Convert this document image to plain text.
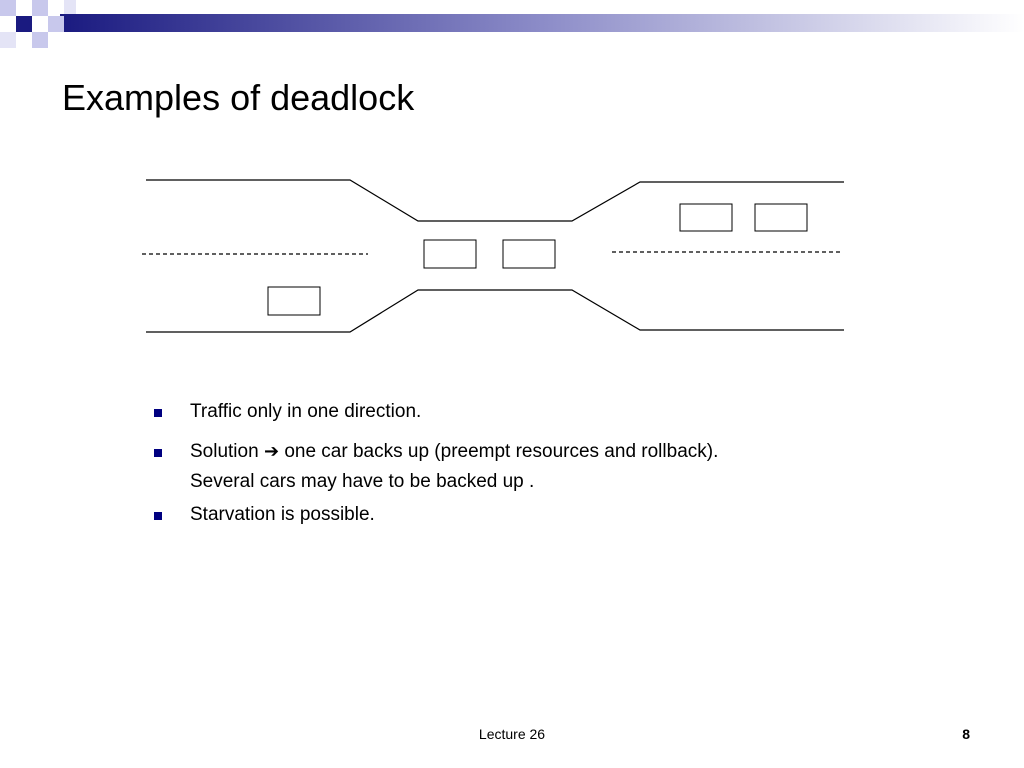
Examples of deadlock
Traffic only in one direction.
Solution ➔ one car backs up (preempt resources and rollback).
Several cars may have to be backed up .
Starvation is possible.
Lecture 26	8
